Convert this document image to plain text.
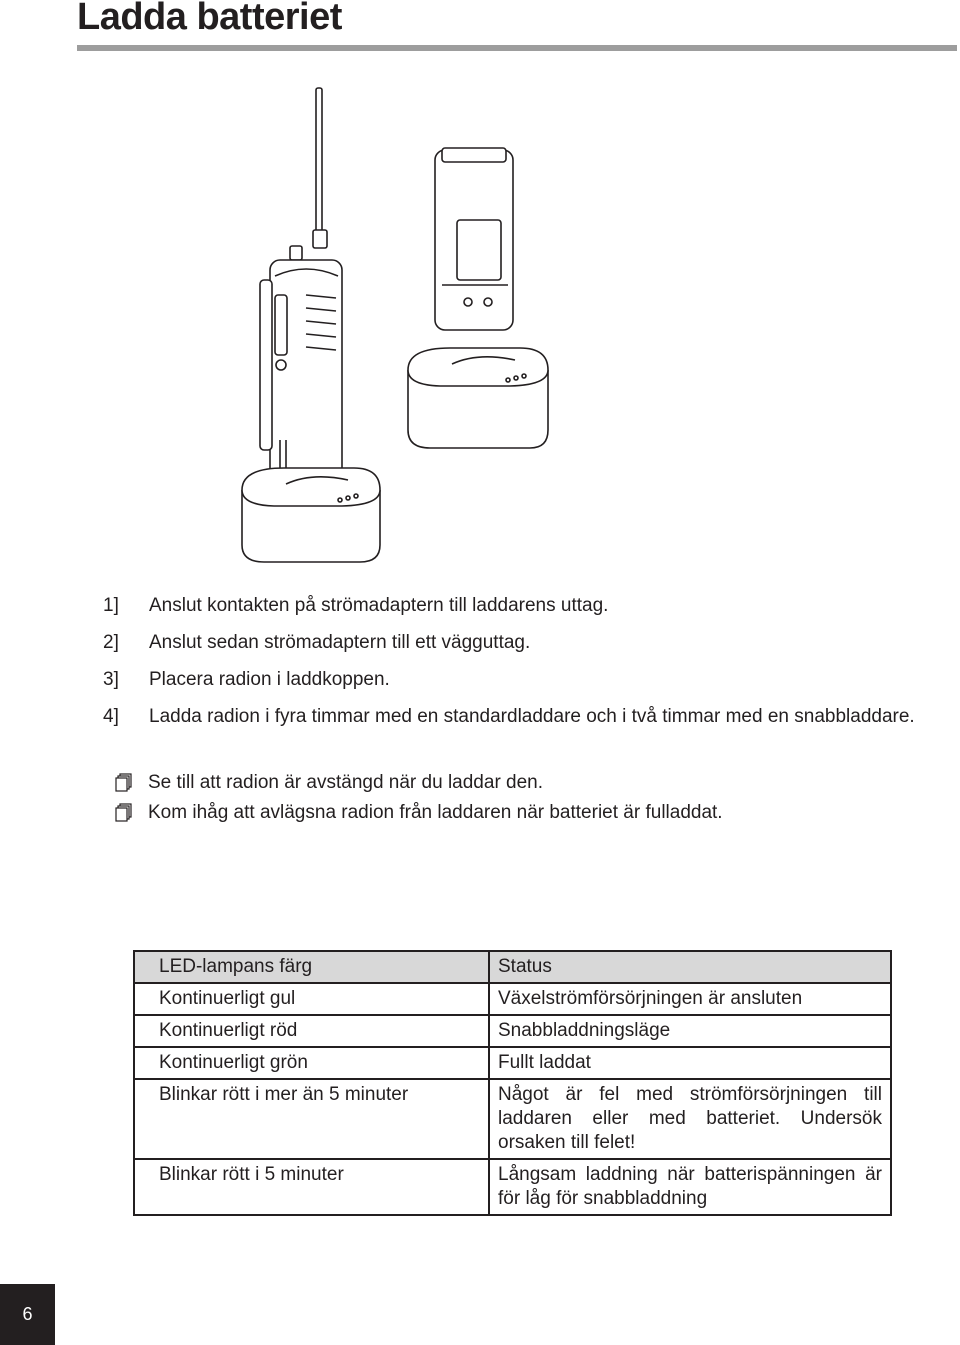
Ladda batteriet
1]	Anslut kontakten på strömadaptern till laddarens uttag.
2]	Anslut sedan strömadaptern till ett vägguttag.
3]	Placera radion i laddkoppen.
4]	Ladda radion i fyra timmar med en standardladdare och i två timmar med en snabbladdare.
Se till att radion är avstängd när du laddar den.
Kom ihåg att avlägsna radion från laddaren när batteriet är fulladdat.
LED-lampans färg	Status
Kontinuerligt gul	Växelströmförsörjningen är ansluten
Kontinuerligt röd	Snabbladdningsläge
Kontinuerligt grön	Fullt laddat
Blinkar rött i mer än 5 minuter	Något är fel med strömförsörjningen till laddaren eller med batteriet. Undersök orsaken till felet!
Blinkar rött i 5 minuter	Långsam laddning när batterispänningen är för låg för snabbladdning
6
